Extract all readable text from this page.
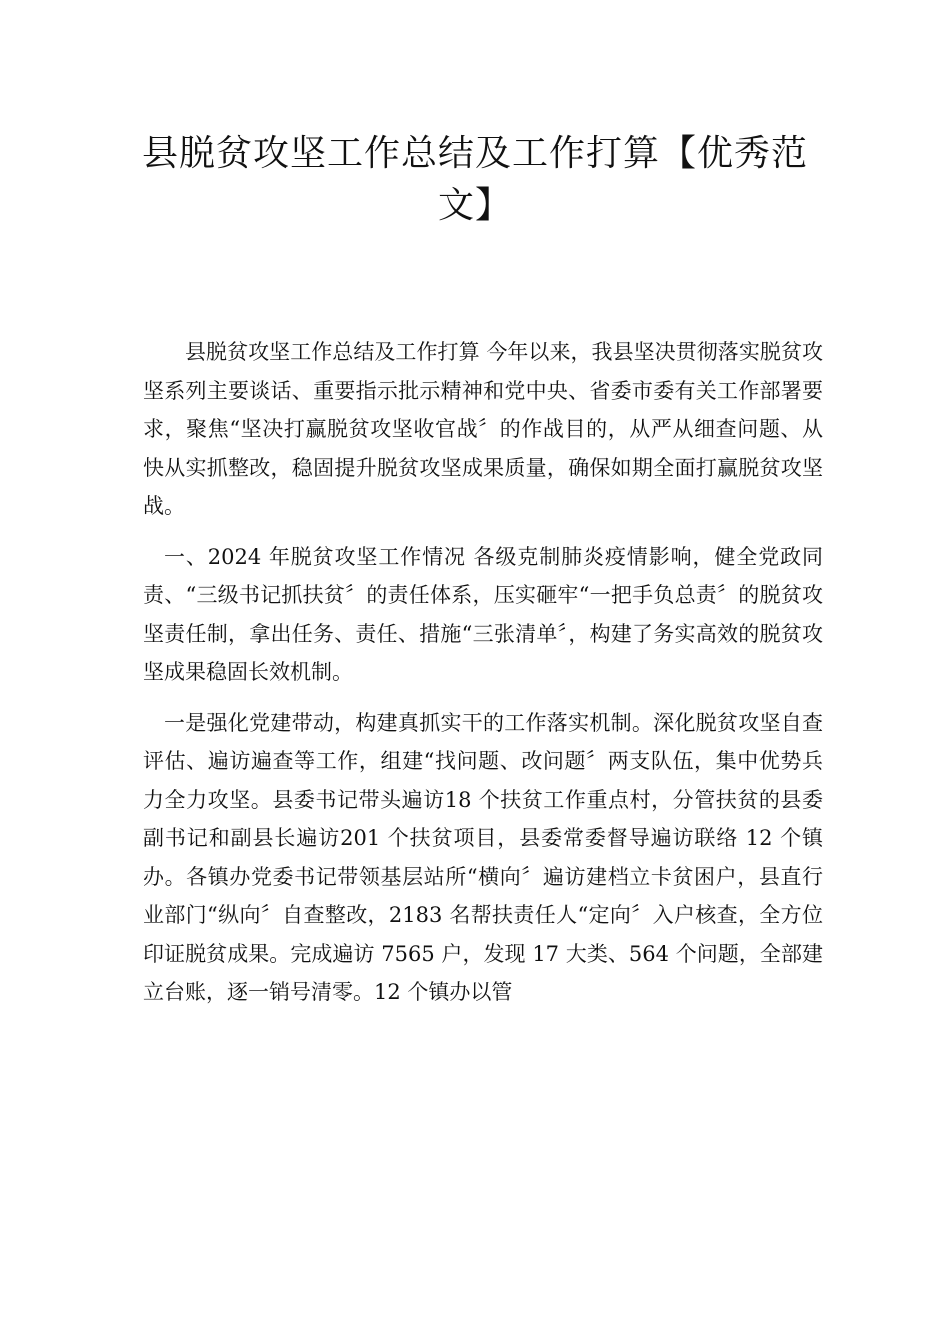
县脱贫攻坚工作总结及工作打算【优秀范文】

县脱贫攻坚工作总结及工作打算 今年以来，我县坚决贯彻落实脱贫攻坚系列主要谈话、重要指示批示精神和党中央、省委市委有关工作部署要求，聚焦“坚决打赢脱贫攻坚收官战〞的作战目的，从严从细查问题、从快从实抓整改，稳固提升脱贫攻坚成果质量，确保如期全面打赢脱贫攻坚战。

一、2024 年脱贫攻坚工作情况 各级克制肺炎疫情影响，健全党政同责、“三级书记抓扶贫〞的责任体系，压实砸牢“一把手负总责〞的脱贫攻坚责任制，拿出任务、责任、措施“三张清单〞，构建了务实高效的脱贫攻坚成果稳固长效机制。

一是强化党建带动，构建真抓实干的工作落实机制。深化脱贫攻坚自查评估、遍访遍查等工作，组建“找问题、改问题〞两支队伍，集中优势兵力全力攻坚。县委书记带头遍访18 个扶贫工作重点村，分管扶贫的县委副书记和副县长遍访201 个扶贫项目，县委常委督导遍访联络 12 个镇办。各镇办党委书记带领基层站所“横向〞遍访建档立卡贫困户，县直行业部门“纵向〞自查整改，2183 名帮扶责任人“定向〞入户核查，全方位印证脱贫成果。完成遍访 7565 户，发现 17 大类、564 个问题，全部建立台账，逐一销号清零。12 个镇办以管
